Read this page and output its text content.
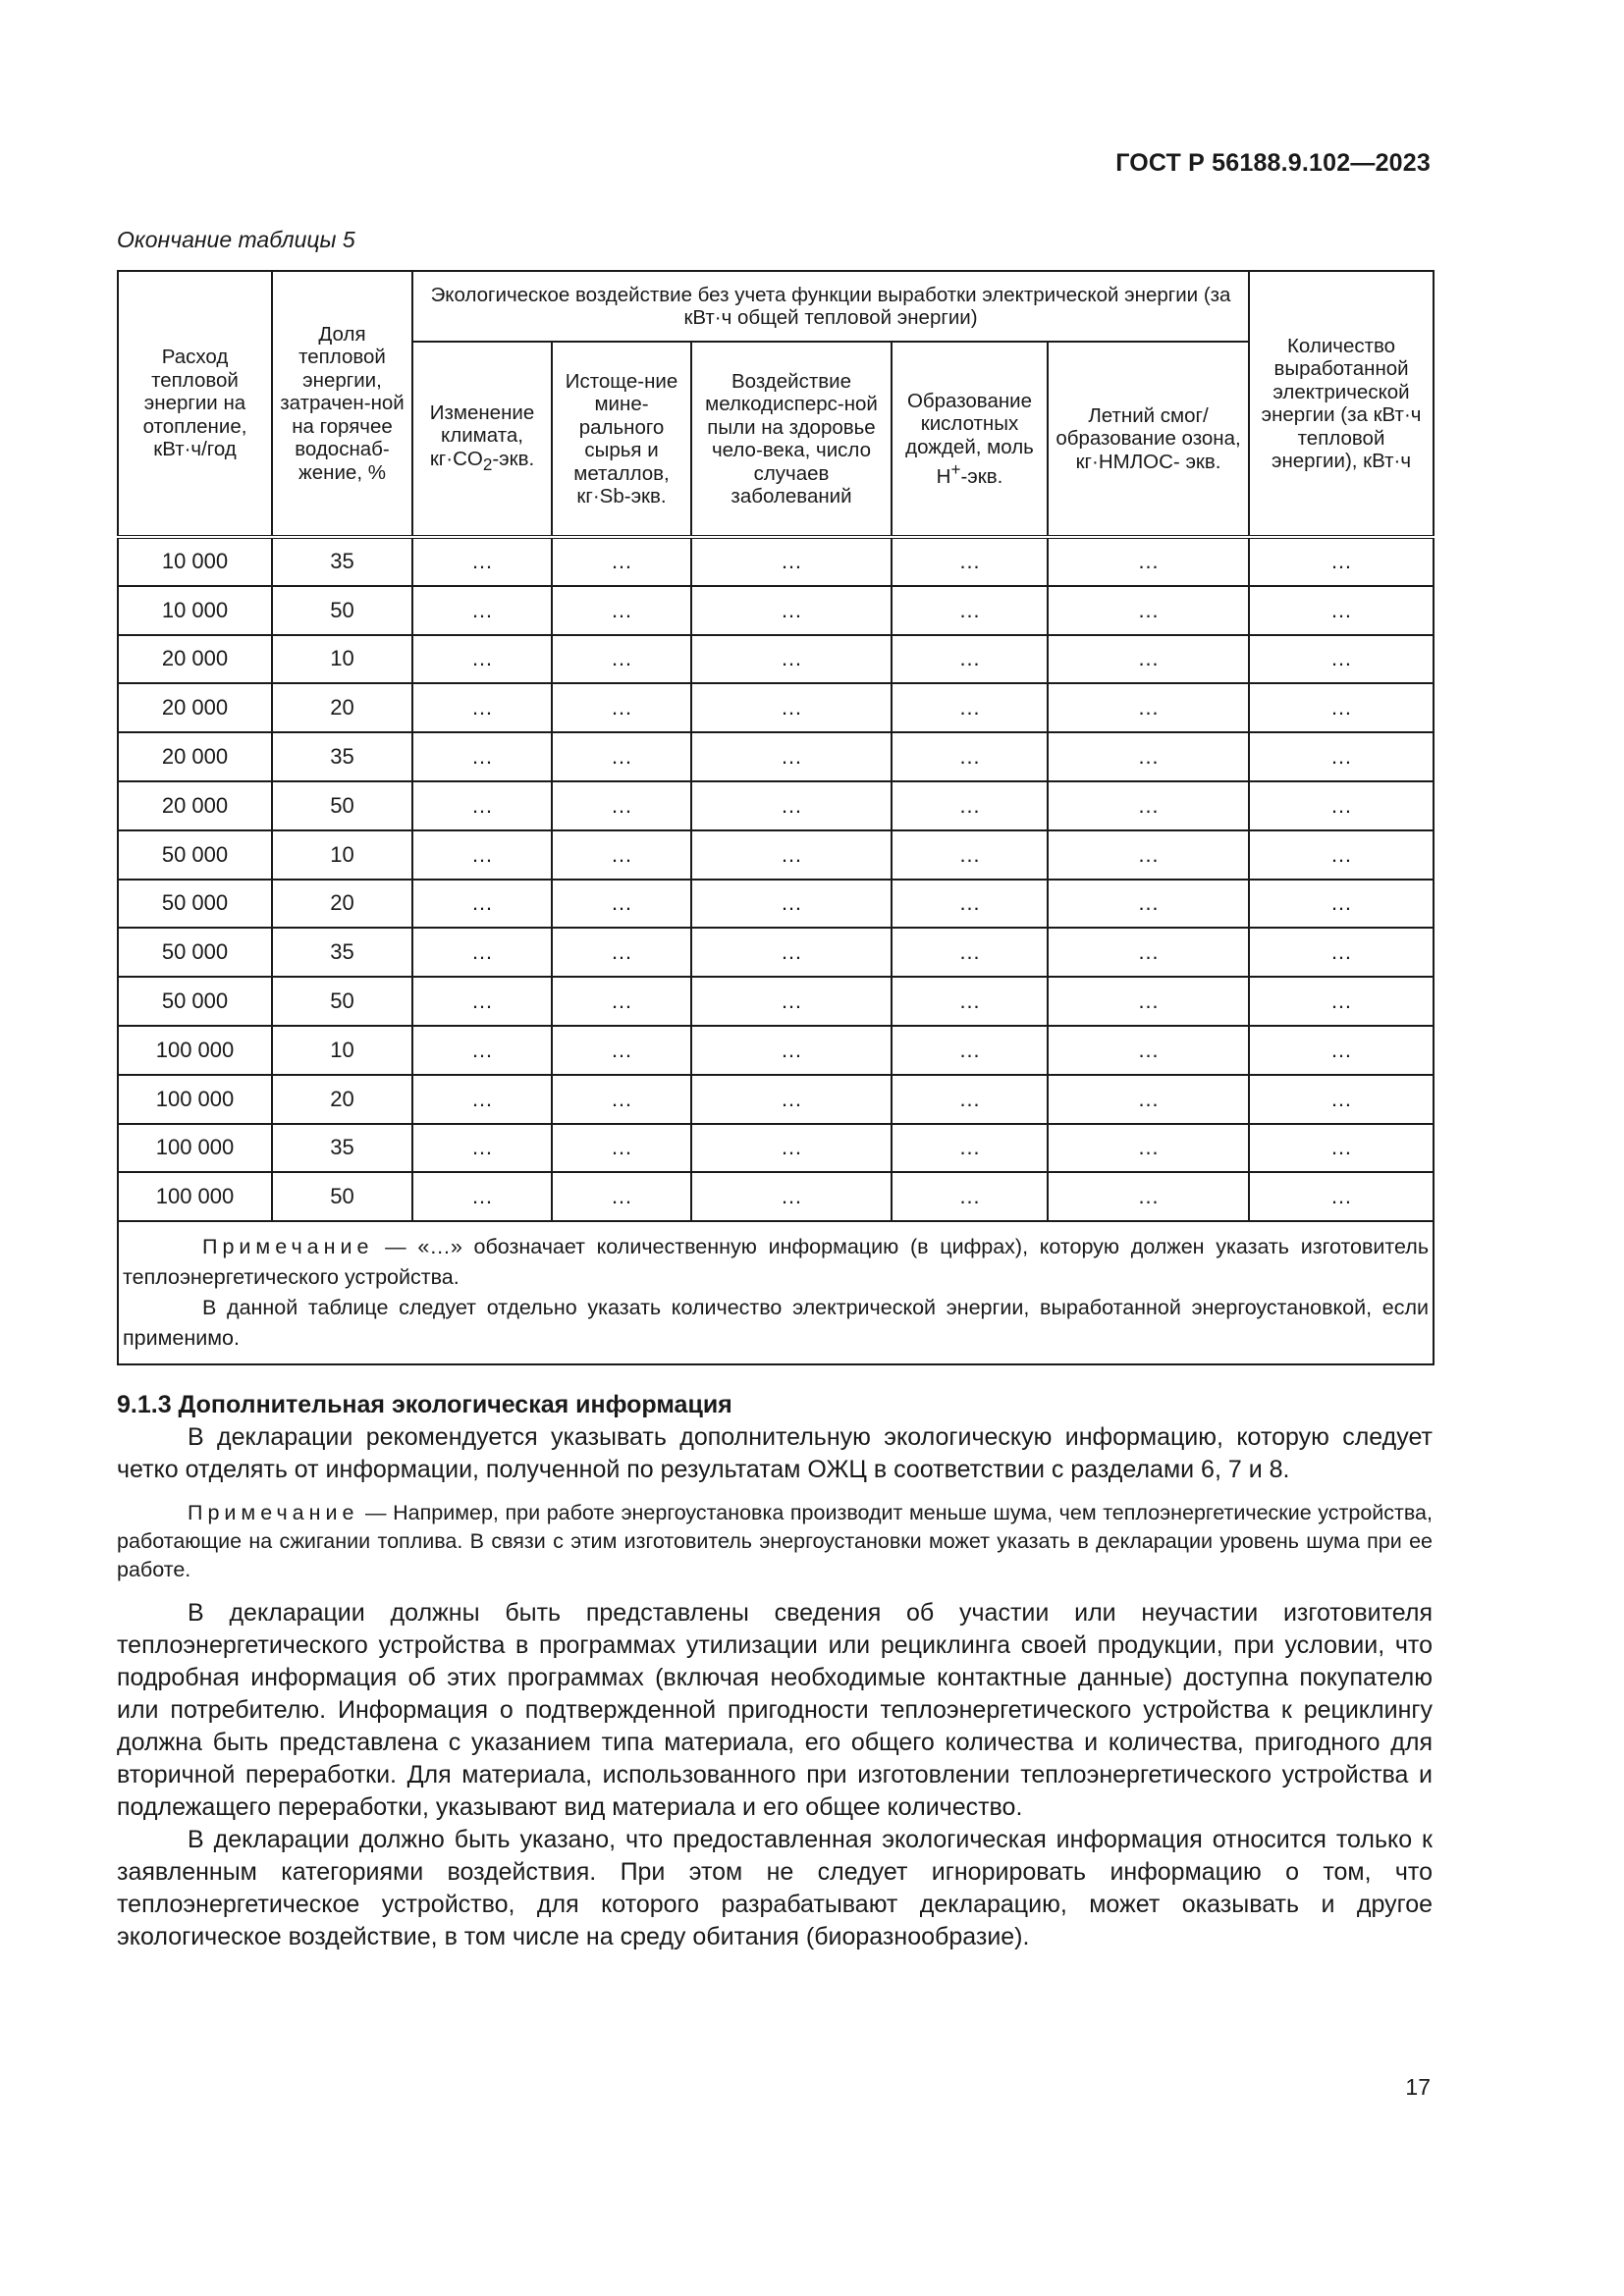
ГОСТ Р 56188.9.102—2023
Окончание таблицы 5
Расход тепловой энергии на отопление, кВт·ч/год	Доля тепловой энергии, затрачен-ной на горячее водоснаб-жение, %	Экологическое воздействие без учета функции выработки электрической энергии (за кВт·ч общей тепловой энергии)					Количество выработанной электрической энергии (за кВт·ч тепловой энергии), кВт·ч
		Изменение климата, $кг\cdot CO_2$-экв.	Истоще-ние мине-рального сырья и металлов, кг·Sb-экв.	Воздействие мелкодисперс-ной пыли на здоровье чело-века, число случаев заболеваний	Образование кислотных дождей, моль H+-экв.	Летний смог/ образование озона, кг·НМЛОС- экв.	
10 000	35	…	…	…	…	…	…
10 000	50	…	…	…	…	…	…
20 000	10	…	…	…	…	…	…
20 000	20	…	…	…	…	…	…
20 000	35	…	…	…	…	…	…
20 000	50	…	…	…	…	…	…
50 000	10	…	…	…	…	…	…
50 000	20	…	…	…	…	…	…
50 000	35	…	…	…	…	…	…
50 000	50	…	…	…	…	…	…
100 000	10	…	…	…	…	…	…
100 000	20	…	…	…	…	…	…
100 000	35	…	…	…	…	…	…
100 000	50	…	…	…	…	…	…

Примечание — «…» обозначает количественную информацию (в цифрах), которую должен указать изготовитель теплоэнергетического устройства.

В данной таблице следует отдельно указать количество электрической энергии, выработанной энергоустановкой, если применимо.							

9.1.3 Дополнительная экологическая информация

В декларации рекомендуется указывать дополнительную экологическую информацию, которую следует четко отделять от информации, полученной по результатам ОЖЦ в соответствии с разделами 6, 7 и 8.

Примечание — Например, при работе энергоустановка производит меньше шума, чем теплоэнергетические устройства, работающие на сжигании топлива. В связи с этим изготовитель энергоустановки может указать в декларации уровень шума при ее работе.

В декларации должны быть представлены сведения об участии или неучастии изготовителя теплоэнергетического устройства в программах утилизации или рециклинга своей продукции, при условии, что подробная информация об этих программах (включая необходимые контактные данные) доступна покупателю или потребителю. Информация о подтвержденной пригодности теплоэнергетического устройства к рециклингу должна быть представлена с указанием типа материала, его общего количества и количества, пригодного для вторичной переработки. Для материала, использованного при изготовлении теплоэнергетического устройства и подлежащего переработки, указывают вид материала и его общее количество.

В декларации должно быть указано, что предоставленная экологическая информация относится только к заявленным категориями воздействия. При этом не следует игнорировать информацию о том, что теплоэнергетическое устройство, для которого разрабатывают декларацию, может оказывать и другое экологическое воздействие, в том числе на среду обитания (биоразнообразие).

17
